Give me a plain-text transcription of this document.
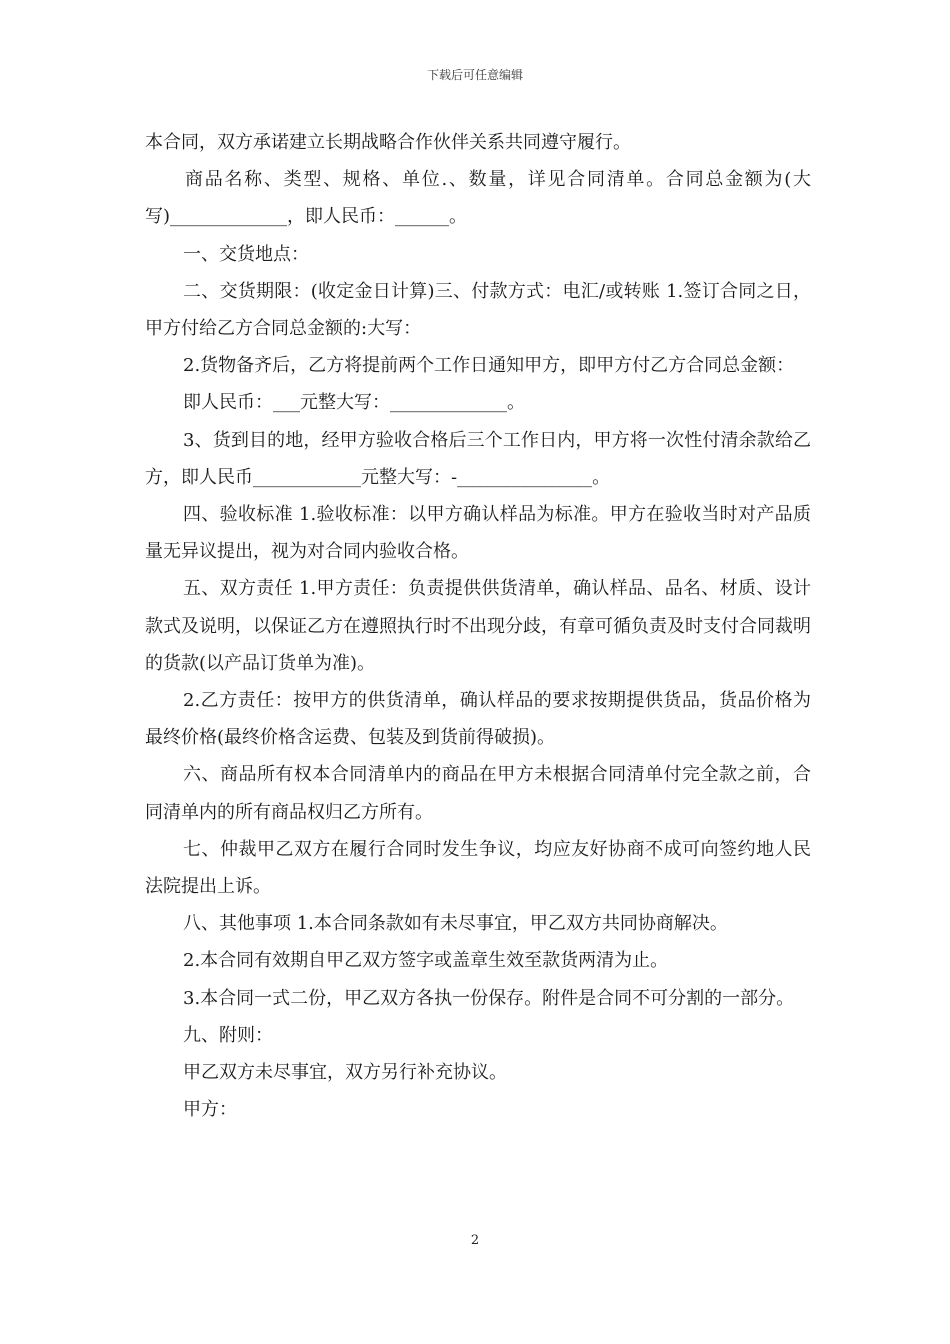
下载后可任意编辑

本合同，双方承诺建立长期战略合作伙伴关系共同遵守履行。

商品名称、类型、规格、单位.、数量，详见合同清单。合同总金额为(大写)_____________，即人民币：______。

一、交货地点：

二、交货期限：(收定金日计算)三、付款方式：电汇/或转账 1.签订合同之日，甲方付给乙方合同总金额的:大写：

2.货物备齐后，乙方将提前两个工作日通知甲方，即甲方付乙方合同总金额：

即人民币：___元整大写：_____________。

3、货到目的地，经甲方验收合格后三个工作日内，甲方将一次性付清余款给乙方，即人民币____________元整大写：-_______________。

四、验收标准 1.验收标准：以甲方确认样品为标准。甲方在验收当时对产品质量无异议提出，视为对合同内验收合格。

五、双方责任 1.甲方责任：负责提供供货清单，确认样品、品名、材质、设计款式及说明，以保证乙方在遵照执行时不出现分歧，有章可循负责及时支付合同裁明的货款(以产品订货单为准)。

2.乙方责任：按甲方的供货清单，确认样品的要求按期提供货品，货品价格为最终价格(最终价格含运费、包装及到货前得破损)。

六、商品所有权本合同清单内的商品在甲方未根据合同清单付完全款之前，合同清单内的所有商品权归乙方所有。

七、仲裁甲乙双方在履行合同时发生争议，均应友好协商不成可向签约地人民法院提出上诉。

八、其他事项 1.本合同条款如有未尽事宜，甲乙双方共同协商解决。

2.本合同有效期自甲乙双方签字或盖章生效至款货两清为止。

3.本合同一式二份，甲乙双方各执一份保存。附件是合同不可分割的一部分。

九、附则：

甲乙双方未尽事宜，双方另行补充协议。

甲方：

2
